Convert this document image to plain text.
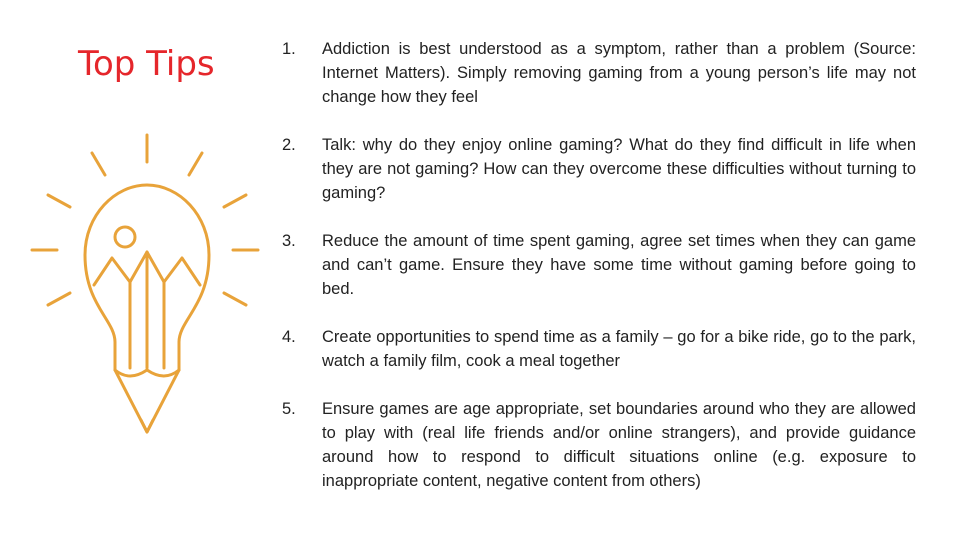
Top Tips	1.	Addiction is best understood as a symptom, rather than a problem (Source: Internet Matters). Simply removing gaming from a young person’s life may not change how they feel
2.	Talk: why do they enjoy online gaming? What do they find difficult in life when they are not gaming? How can they overcome these difficulties without turning to gaming?
3.	Reduce the amount of time spent gaming, agree set times when they can game and can’t game. Ensure they have some time without gaming before going to bed.
4.	Create opportunities to spend time as a family – go for a bike ride, go to the park, watch a family film, cook a meal together
5.	Ensure games are age appropriate, set boundaries around who they are allowed to play with (real life friends and/or online strangers), and provide guidance around how to respond to difficult situations online (e.g. exposure to inappropriate content, negative content from others)
